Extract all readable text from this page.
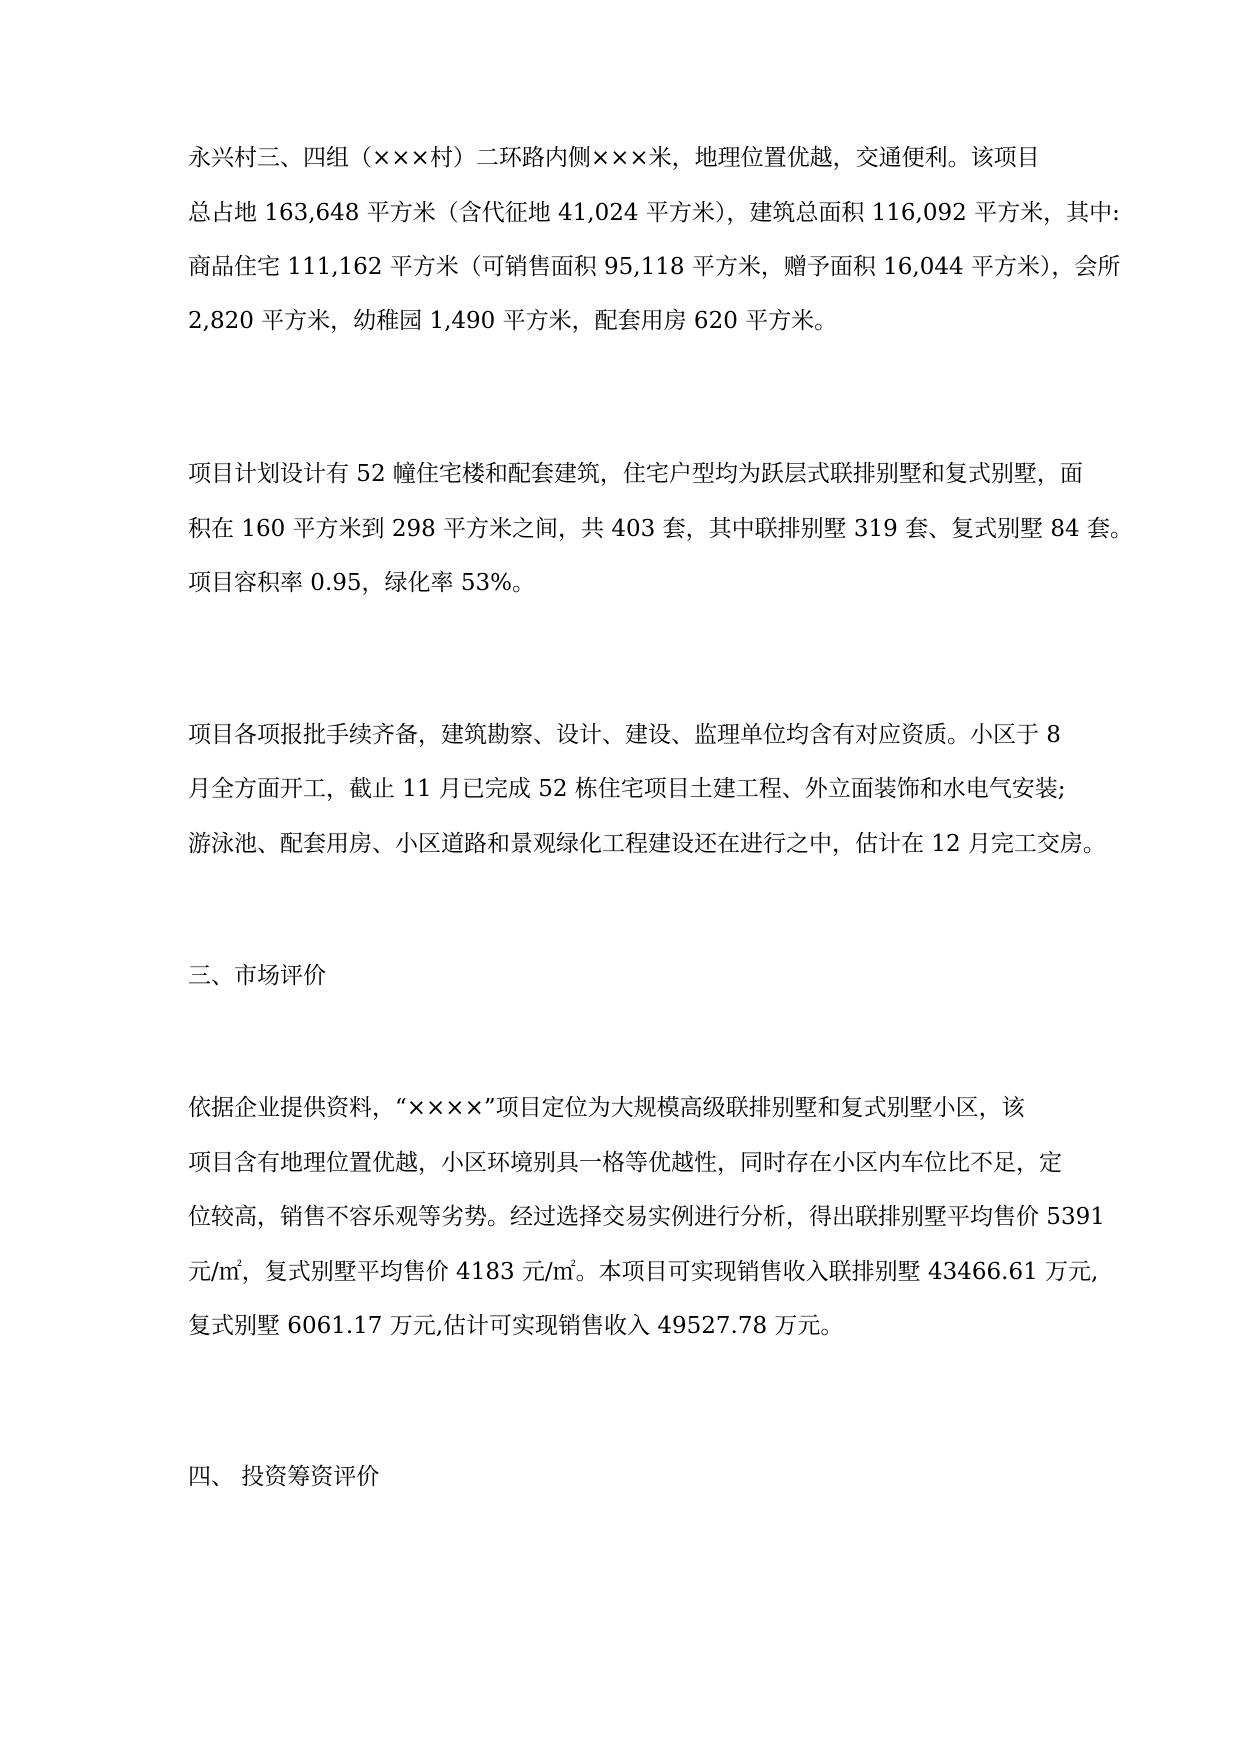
永兴村三、四组（×××村）二环路内侧×××米，地理位置优越，交通便利。该项目
总占地 163,648 平方米（含代征地 41,024 平方米），建筑总面积 116,092 平方米，其中:
商品住宅 111,162 平方米（可销售面积 95,118 平方米，赠予面积 16,044 平方米），会所
2,820 平方米，幼稚园 1,490 平方米，配套用房 620 平方米。
项目计划设计有 52 幢住宅楼和配套建筑，住宅户型均为跃层式联排别墅和复式别墅，面
积在 160 平方米到 298 平方米之间，共 403 套，其中联排别墅 319 套、复式别墅 84 套。
项目容积率 0.95，绿化率 53%。
项目各项报批手续齐备，建筑勘察、设计、建设、监理单位均含有对应资质。小区于 8
月全方面开工，截止 11 月已完成 52 栋住宅项目土建工程、外立面装饰和水电气安装;
游泳池、配套用房、小区道路和景观绿化工程建设还在进行之中，估计在 12 月完工交房。
三、市场评价
依据企业提供资料，“××××”项目定位为大规模高级联排别墅和复式别墅小区，该
项目含有地理位置优越，小区环境别具一格等优越性，同时存在小区内车位比不足，定
位较高，销售不容乐观等劣势。经过选择交易实例进行分析，得出联排别墅平均售价 5391
元/㎡，复式别墅平均售价 4183 元/㎡。本项目可实现销售收入联排别墅 43466.61 万元,
复式别墅 6061.17 万元,估计可实现销售收入 49527.78 万元。
四、 投资筹资评价
